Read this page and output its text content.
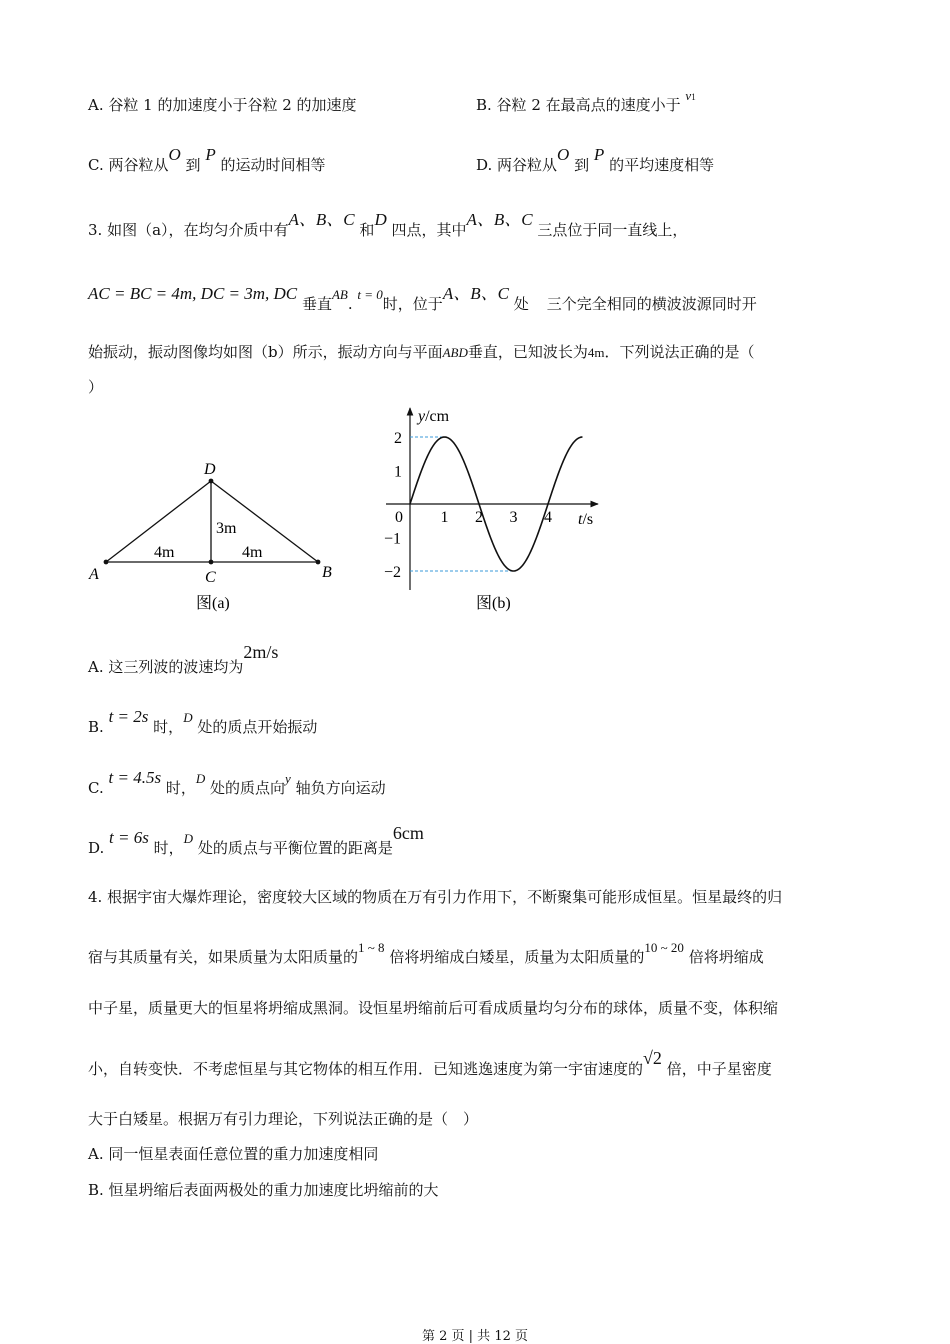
A. 谷粒 1 的加速度小于谷粒 2 的加速度	B. 谷粒 2 在最高点的速度小于 v1
C. 两谷粒从O 到 P 的运动时间相等	D. 两谷粒从O 到 P 的平均速度相等
3. 如图（a），在均匀介质中有A、B、C 和D 四点，其中A、B、C 三点位于同一直线上，
AC = BC = 4m, DC = 3m, DC 垂直AB. t = 0时，位于A、B、C 处 三个完全相同的横波波源同时开
始振动，振动图像均如图（b）所示，振动方向与平面ABD垂直，已知波长为4m．下列说法正确的是（
）
D
A	C	B
4m	4m
3m
图(a)
y/cm
t/s
0 1 2 3 4
2
1
−1
−2
图(b)
A. 这三列波的波速均为2m/s
B. t = 2s 时，D 处的质点开始振动
C. t = 4.5s 时，D 处的质点向y 轴负方向运动
D. t = 6s 时，D 处的质点与平衡位置的距离是6cm
4. 根据宇宙大爆炸理论，密度较大区域的物质在万有引力作用下，不断聚集可能形成恒星。恒星最终的归
宿与其质量有关，如果质量为太阳质量的1 ~ 8 倍将坍缩成白矮星，质量为太阳质量的10 ~ 20 倍将坍缩成
中子星，质量更大的恒星将坍缩成黑洞。设恒星坍缩前后可看成质量均匀分布的球体，质量不变，体积缩
小，自转变快．不考虑恒星与其它物体的相互作用．已知逃逸速度为第一宇宙速度的√2 倍，中子星密度
大于白矮星。根据万有引力理论，下列说法正确的是（　）
A. 同一恒星表面任意位置的重力加速度相同
B. 恒星坍缩后表面两极处的重力加速度比坍缩前的大
第 2 页 | 共 12 页
